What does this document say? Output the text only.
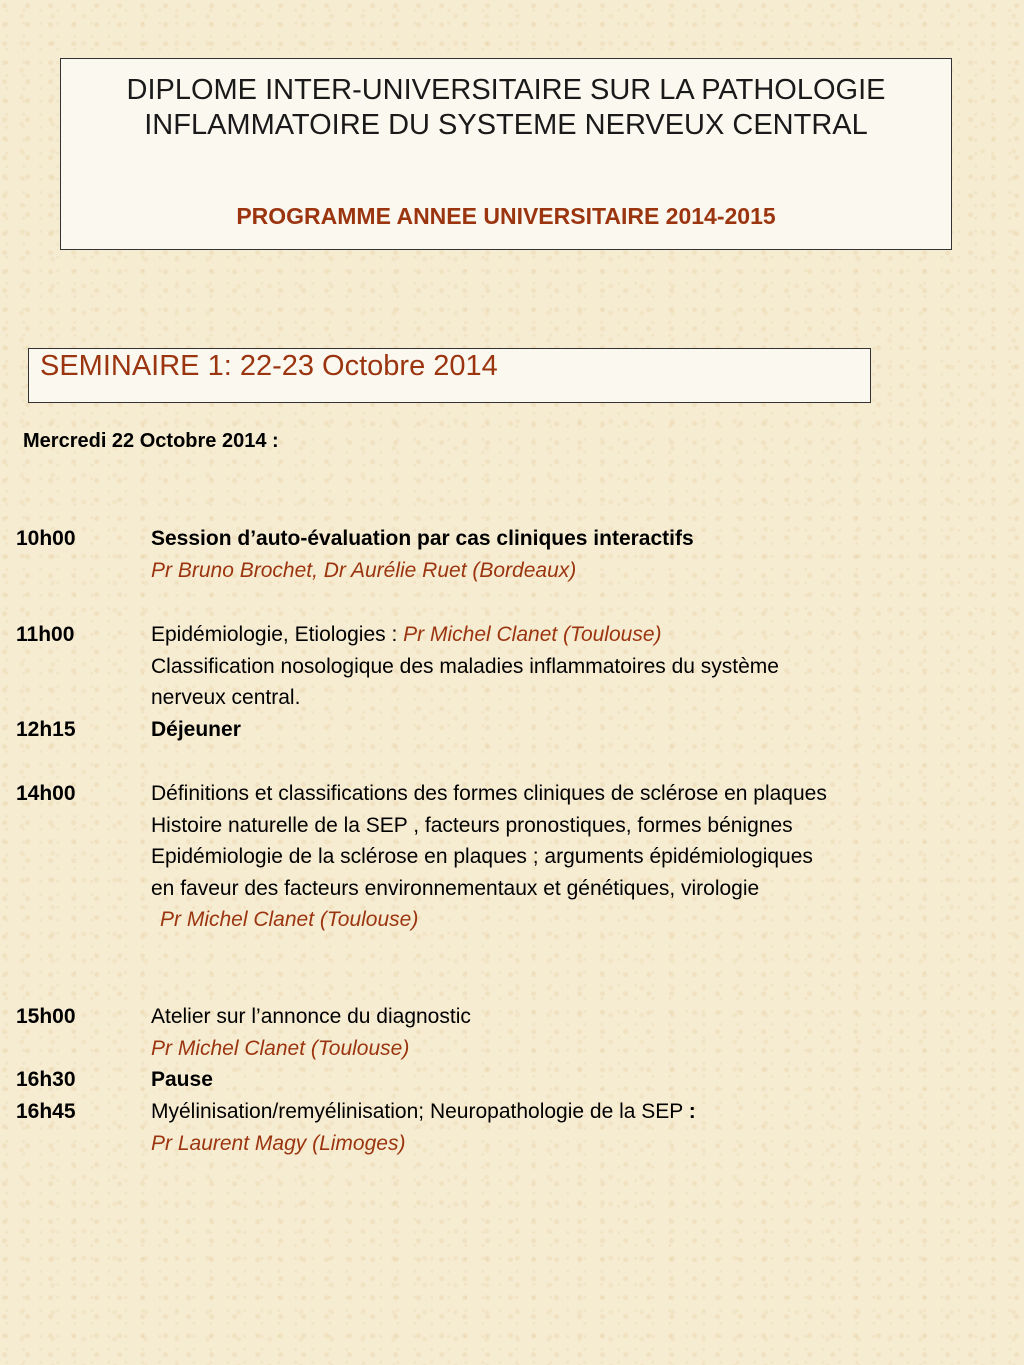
DIPLOME INTER-UNIVERSITAIRE SUR LA PATHOLOGIE INFLAMMATOIRE DU SYSTEME NERVEUX CENTRAL
PROGRAMME ANNEE UNIVERSITAIRE 2014-2015
SEMINAIRE 1: 22-23 Octobre 2014
Mercredi 22 Octobre 2014 :
10h00	Session d’auto-évaluation par cas cliniques interactifs
Pr Bruno Brochet, Dr Aurélie Ruet (Bordeaux)
11h00	Epidémiologie, Etiologies : Pr Michel Clanet (Toulouse)
Classification nosologique des maladies inflammatoires du système
nerveux central.
12h15	Déjeuner
14h00	Définitions et classifications des formes cliniques de sclérose en plaques
Histoire naturelle de la SEP , facteurs pronostiques, formes bénignes
Epidémiologie de la sclérose en plaques ; arguments épidémiologiques
en faveur des facteurs environnementaux et génétiques, virologie
Pr Michel Clanet (Toulouse)
15h00	Atelier sur l’annonce du diagnostic
Pr Michel Clanet (Toulouse)
16h30	Pause
16h45	Myélinisation/remyélinisation; Neuropathologie de la SEP :
Pr Laurent Magy (Limoges)
